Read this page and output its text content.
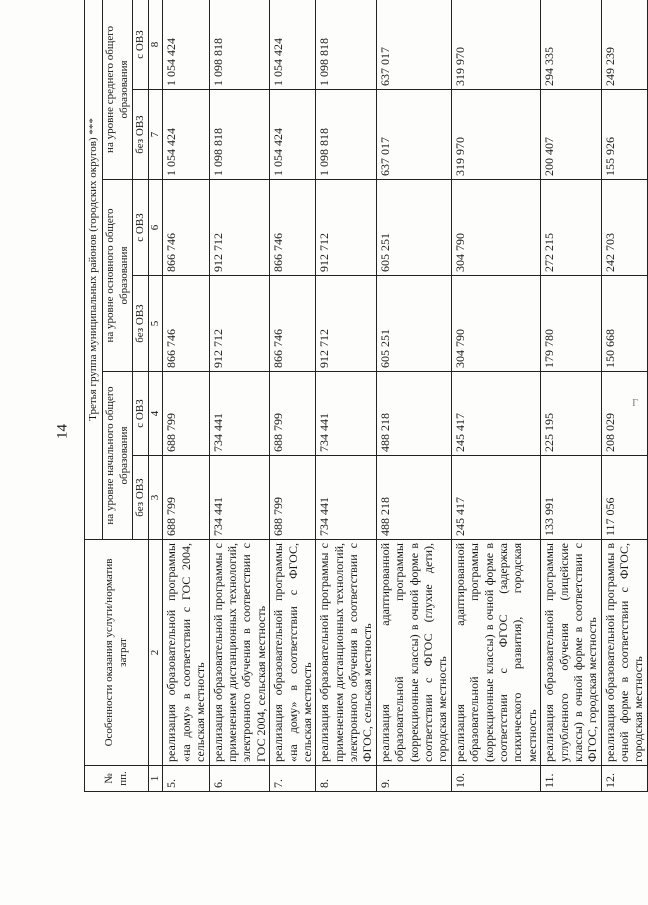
14
№ пп.	Особенности оказания услуги/норматив затрат	Третья группа муниципальных районов (городских округов) ***					
		на уровне начального общего образования		на уровне основного общего образования		на уровне среднего общего образования	
		без ОВЗ	с ОВЗ	без ОВЗ	с ОВЗ	без ОВЗ	с ОВЗ
1	2	3	4	5	6	7	8
5.	реализация образовательной программы «на дому» в соответствии с ГОС 2004, сельская местность	688 799	688 799	866 746	866 746	1 054 424	1 054 424
6.	реализация образовательной программы с применением дистанционных технологий, электронного обучения в соответствии с ГОС 2004, сельская местность	734 441	734 441	912 712	912 712	1 098 818	1 098 818
7.	реализация образовательной программы «на дому» в соответствии с ФГОС, сельская местность	688 799	688 799	866 746	866 746	1 054 424	1 054 424
8.	реализация образовательной программы с применением дистанционных технологий, электронного обучения в соответствии с ФГОС, сельская местность	734 441	734 441	912 712	912 712	1 098 818	1 098 818
9.	реализация адаптированной образовательной программы (коррекционные классы) в очной форме в соответствии с ФГОС (глухие дети), городская местность	488 218	488 218	605 251	605 251	637 017	637 017
10.	реализация адаптированной образовательной программы (коррекционные классы) в очной форме в соответствии с ФГОС (задержка психического развития), городская местность	245 417	245 417	304 790	304 790	319 970	319 970
11.	реализация образовательной программы углубленного обучения (лицейские классы) в очной форме в соответствии с ФГОС, городская местность	133 991	225 195	179 780	272 215	200 407	294 335
12.	реализация образовательной программы в очной форме в соответствии с ФГОС, городская местность	117 056	208 029	150 668	242 703	155 926	249 239
Г
